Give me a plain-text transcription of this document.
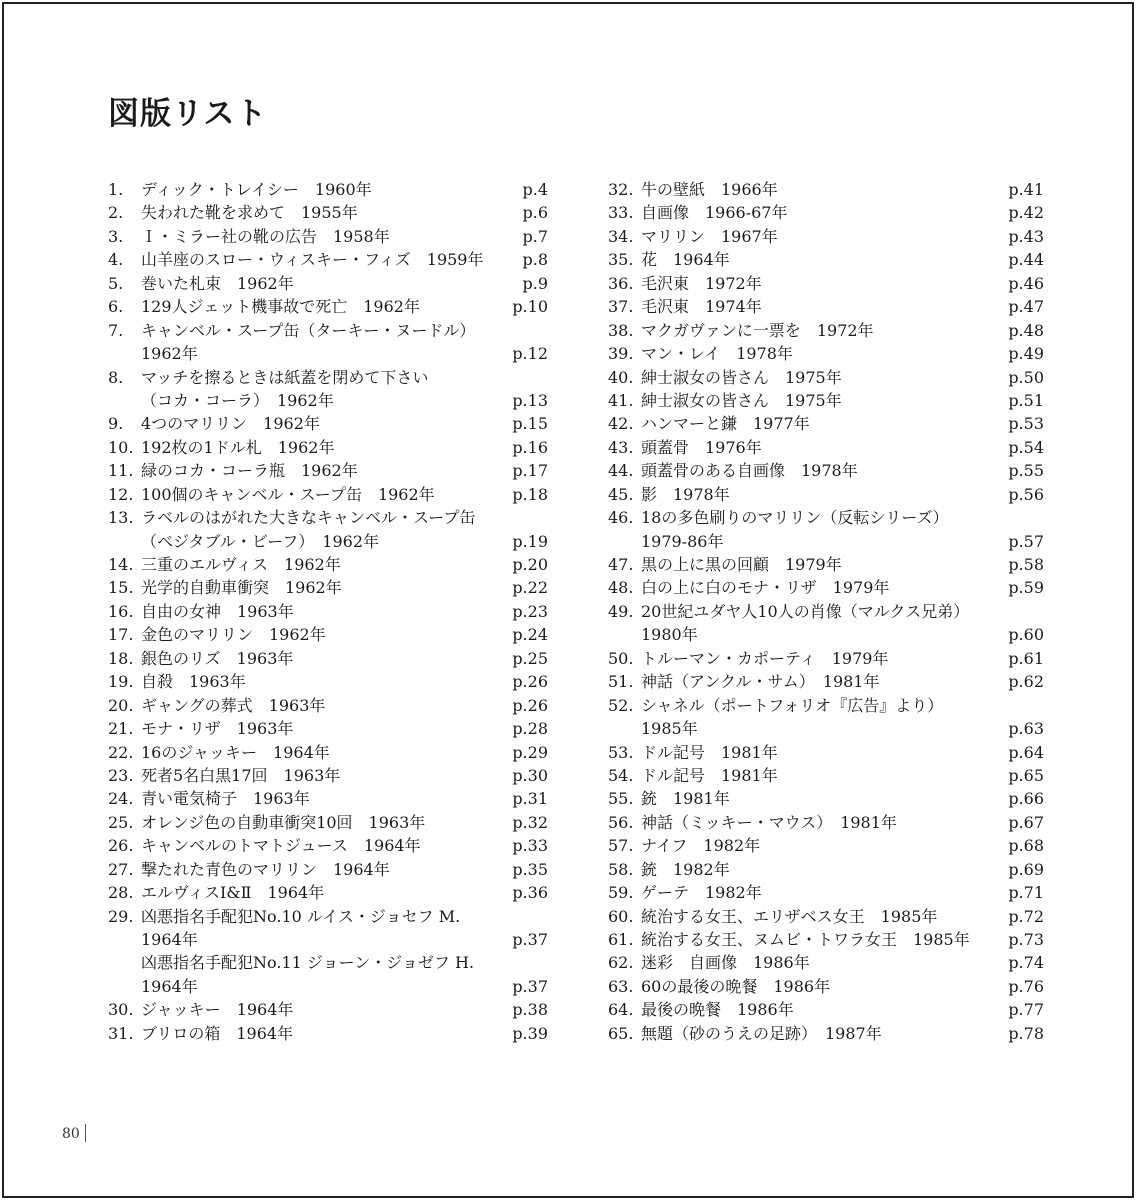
図版リスト
1. ディック・トレイシー　1960年	p.4
2. 失われた靴を求めて　1955年	p.6
3. Ｉ・ミラー社の靴の広告　1958年	p.7
4. 山羊座のスロー・ウィスキー・フィズ　1959年 p.8
5. 巻いた札束　1962年	p.9
6. 129人ジェット機事故で死亡　1962年	p.10
7. キャンベル・スープ缶（ターキー・ヌードル）
1962年	p.12
8. マッチを擦るときは紙蓋を閉めて下さい
（コカ・コーラ）　1962年	p.13
9. 4つのマリリン　1962年	p.15
10. 192枚の1ドル札　1962年	p.16
11. 緑のコカ・コーラ瓶　1962年	p.17
12. 100個のキャンベル・スープ缶　1962年	p.18
13. ラベルのはがれた大きなキャンベル・スープ缶
（ベジタブル・ビーフ）　1962年	p.19
14. 三重のエルヴィス　1962年	p.20
15. 光学的自動車衝突　1962年	p.22
16. 自由の女神　1963年	p.23
17. 金色のマリリン　1962年	p.24
18. 銀色のリズ　1963年	p.25
19. 自殺　1963年	p.26
20. ギャングの葬式　1963年	p.26
21. モナ・リザ　1963年	p.28
22. 16のジャッキー　1964年	p.29
23. 死者5名白黒17回　1963年	p.30
24. 青い電気椅子　1963年	p.31
25. オレンジ色の自動車衝突10回　1963年	p.32
26. キャンベルのトマトジュース　1964年	p.33
27. 撃たれた青色のマリリン　1964年	p.35
28. エルヴィスⅠ&Ⅱ　1964年	p.36
29. 凶悪指名手配犯No.10 ルイス・ジョセフ M.
1964年	p.37
凶悪指名手配犯No.11 ジョーン・ジョゼフ H.
1964年	p.37
30. ジャッキー　1964年	p.38
31. ブリロの箱　1964年	p.39
32. 牛の壁紙　1966年	p.41
33. 自画像　1966-67年	p.42
34. マリリン　1967年	p.43
35. 花　1964年	p.44
36. 毛沢東　1972年	p.46
37. 毛沢東　1974年	p.47
38. マクガヴァンに一票を　1972年	p.48
39. マン・レイ　1978年	p.49
40. 紳士淑女の皆さん　1975年	p.50
41. 紳士淑女の皆さん　1975年	p.51
42. ハンマーと鎌　1977年	p.53
43. 頭蓋骨　1976年	p.54
44. 頭蓋骨のある自画像　1978年	p.55
45. 影　1978年	p.56
46. 18の多色刷りのマリリン（反転シリーズ）
1979-86年	p.57
47. 黒の上に黒の回顧　1979年	p.58
48. 白の上に白のモナ・リザ　1979年	p.59
49. 20世紀ユダヤ人10人の肖像（マルクス兄弟）
1980年	p.60
50. トルーマン・カポーティ　1979年	p.61
51. 神話（アンクル・サム）　1981年	p.62
52. シャネル（ポートフォリオ『広告』より）
1985年	p.63
53. ドル記号　1981年	p.64
54. ドル記号　1981年	p.65
55. 銃　1981年	p.66
56. 神話（ミッキー・マウス）　1981年	p.67
57. ナイフ　1982年	p.68
58. 銃　1982年	p.69
59. ゲーテ　1982年	p.71
60. 統治する女王、エリザベス女王　1985年	p.72
61. 統治する女王、ヌムビ・トワラ女王　1985年 p.73
62. 迷彩　自画像　1986年	p.74
63. 60の最後の晩餐　1986年	p.76
64. 最後の晩餐　1986年	p.77
65. 無題（砂のうえの足跡）　1987年	p.78
80
